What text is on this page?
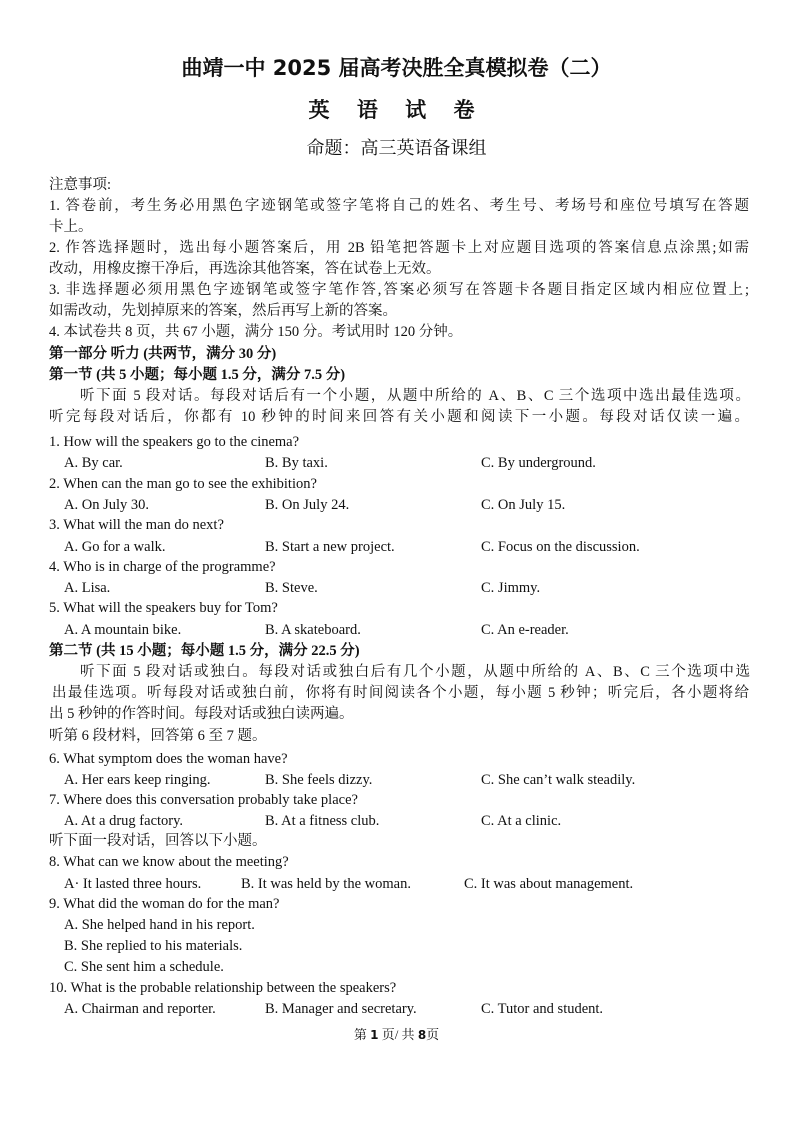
曲靖一中 2025 届高考决胜全真模拟卷（二）
英 语 试 卷
命题：高三英语备课组
注意事项:
1. 答卷前，考生务必用黑色字迹钢笔或签字笔将自己的姓名、考生号、考场号和座位号填写在答题
卡上。
2. 作答选择题时，选出每小题答案后，用 2B 铅笔把答题卡上对应题目选项的答案信息点涂黑;如需
改动，用橡皮擦干净后，再选涂其他答案，答在试卷上无效。
3. 非选择题必须用黑色字迹钢笔或签字笔作答,答案必须写在答题卡各题目指定区域内相应位置上;
如需改动，先划掉原来的答案，然后再写上新的答案。
4. 本试卷共 8 页，共 67 小题，满分 150 分。考试用时 120 分钟。
第一部分 听力 (共两节，满分 30 分)
第一节 (共 5 小题；每小题 1.5 分，满分 7.5 分)
听下面 5 段对话。每段对话后有一个小题，从题中所给的 A、B、C 三个选项中选出最佳选项。
听完每段对话后，你都有 10 秒钟的时间来回答有关小题和阅读下一小题。每段对话仅读一遍。
1. How will the speakers go to the cinema?
A. By car.	B. By taxi.	C. By underground.
2. When can the man go to see the exhibition?
A. On July 30.	B. On July 24.	C. On July 15.
3. What will the man do next?
A. Go for a walk.	B. Start a new project.	C. Focus on the discussion.
4. Who is in charge of the programme?
A. Lisa.	B. Steve.	C. Jimmy.
5. What will the speakers buy for Tom?
A. A mountain bike.	B. A skateboard.	C. An e-reader.
第二节 (共 15 小题；每小题 1.5 分，满分 22.5 分)
听下面 5 段对话或独白。每段对话或独白后有几个小题，从题中所给的 A、B、C 三个选项中选
出最佳选项。听每段对话或独白前，你将有时间阅读各个小题，每小题 5 秒钟；听完后，各小题将给
出 5 秒钟的作答时间。每段对话或独白读两遍。
听第 6 段材料，回答第 6 至 7 题。
6. What symptom does the woman have?
A. Her ears keep ringing.	B. She feels dizzy.	C. She can’t walk steadily.
7. Where does this conversation probably take place?
A. At a drug factory.	B. At a fitness club.	C. At a clinic.
听下面一段对话，回答以下小题。
8. What can we know about the meeting?
A· It lasted three hours.	B. It was held by the woman.	C. It was about management.
9. What did the woman do for the man?
A. She helped hand in his report.
B. She replied to his materials.
C. She sent him a schedule.
10. What is the probable relationship between the speakers?
A. Chairman and reporter.	B. Manager and secretary.	C. Tutor and student.
第 1 页/ 共 8页
